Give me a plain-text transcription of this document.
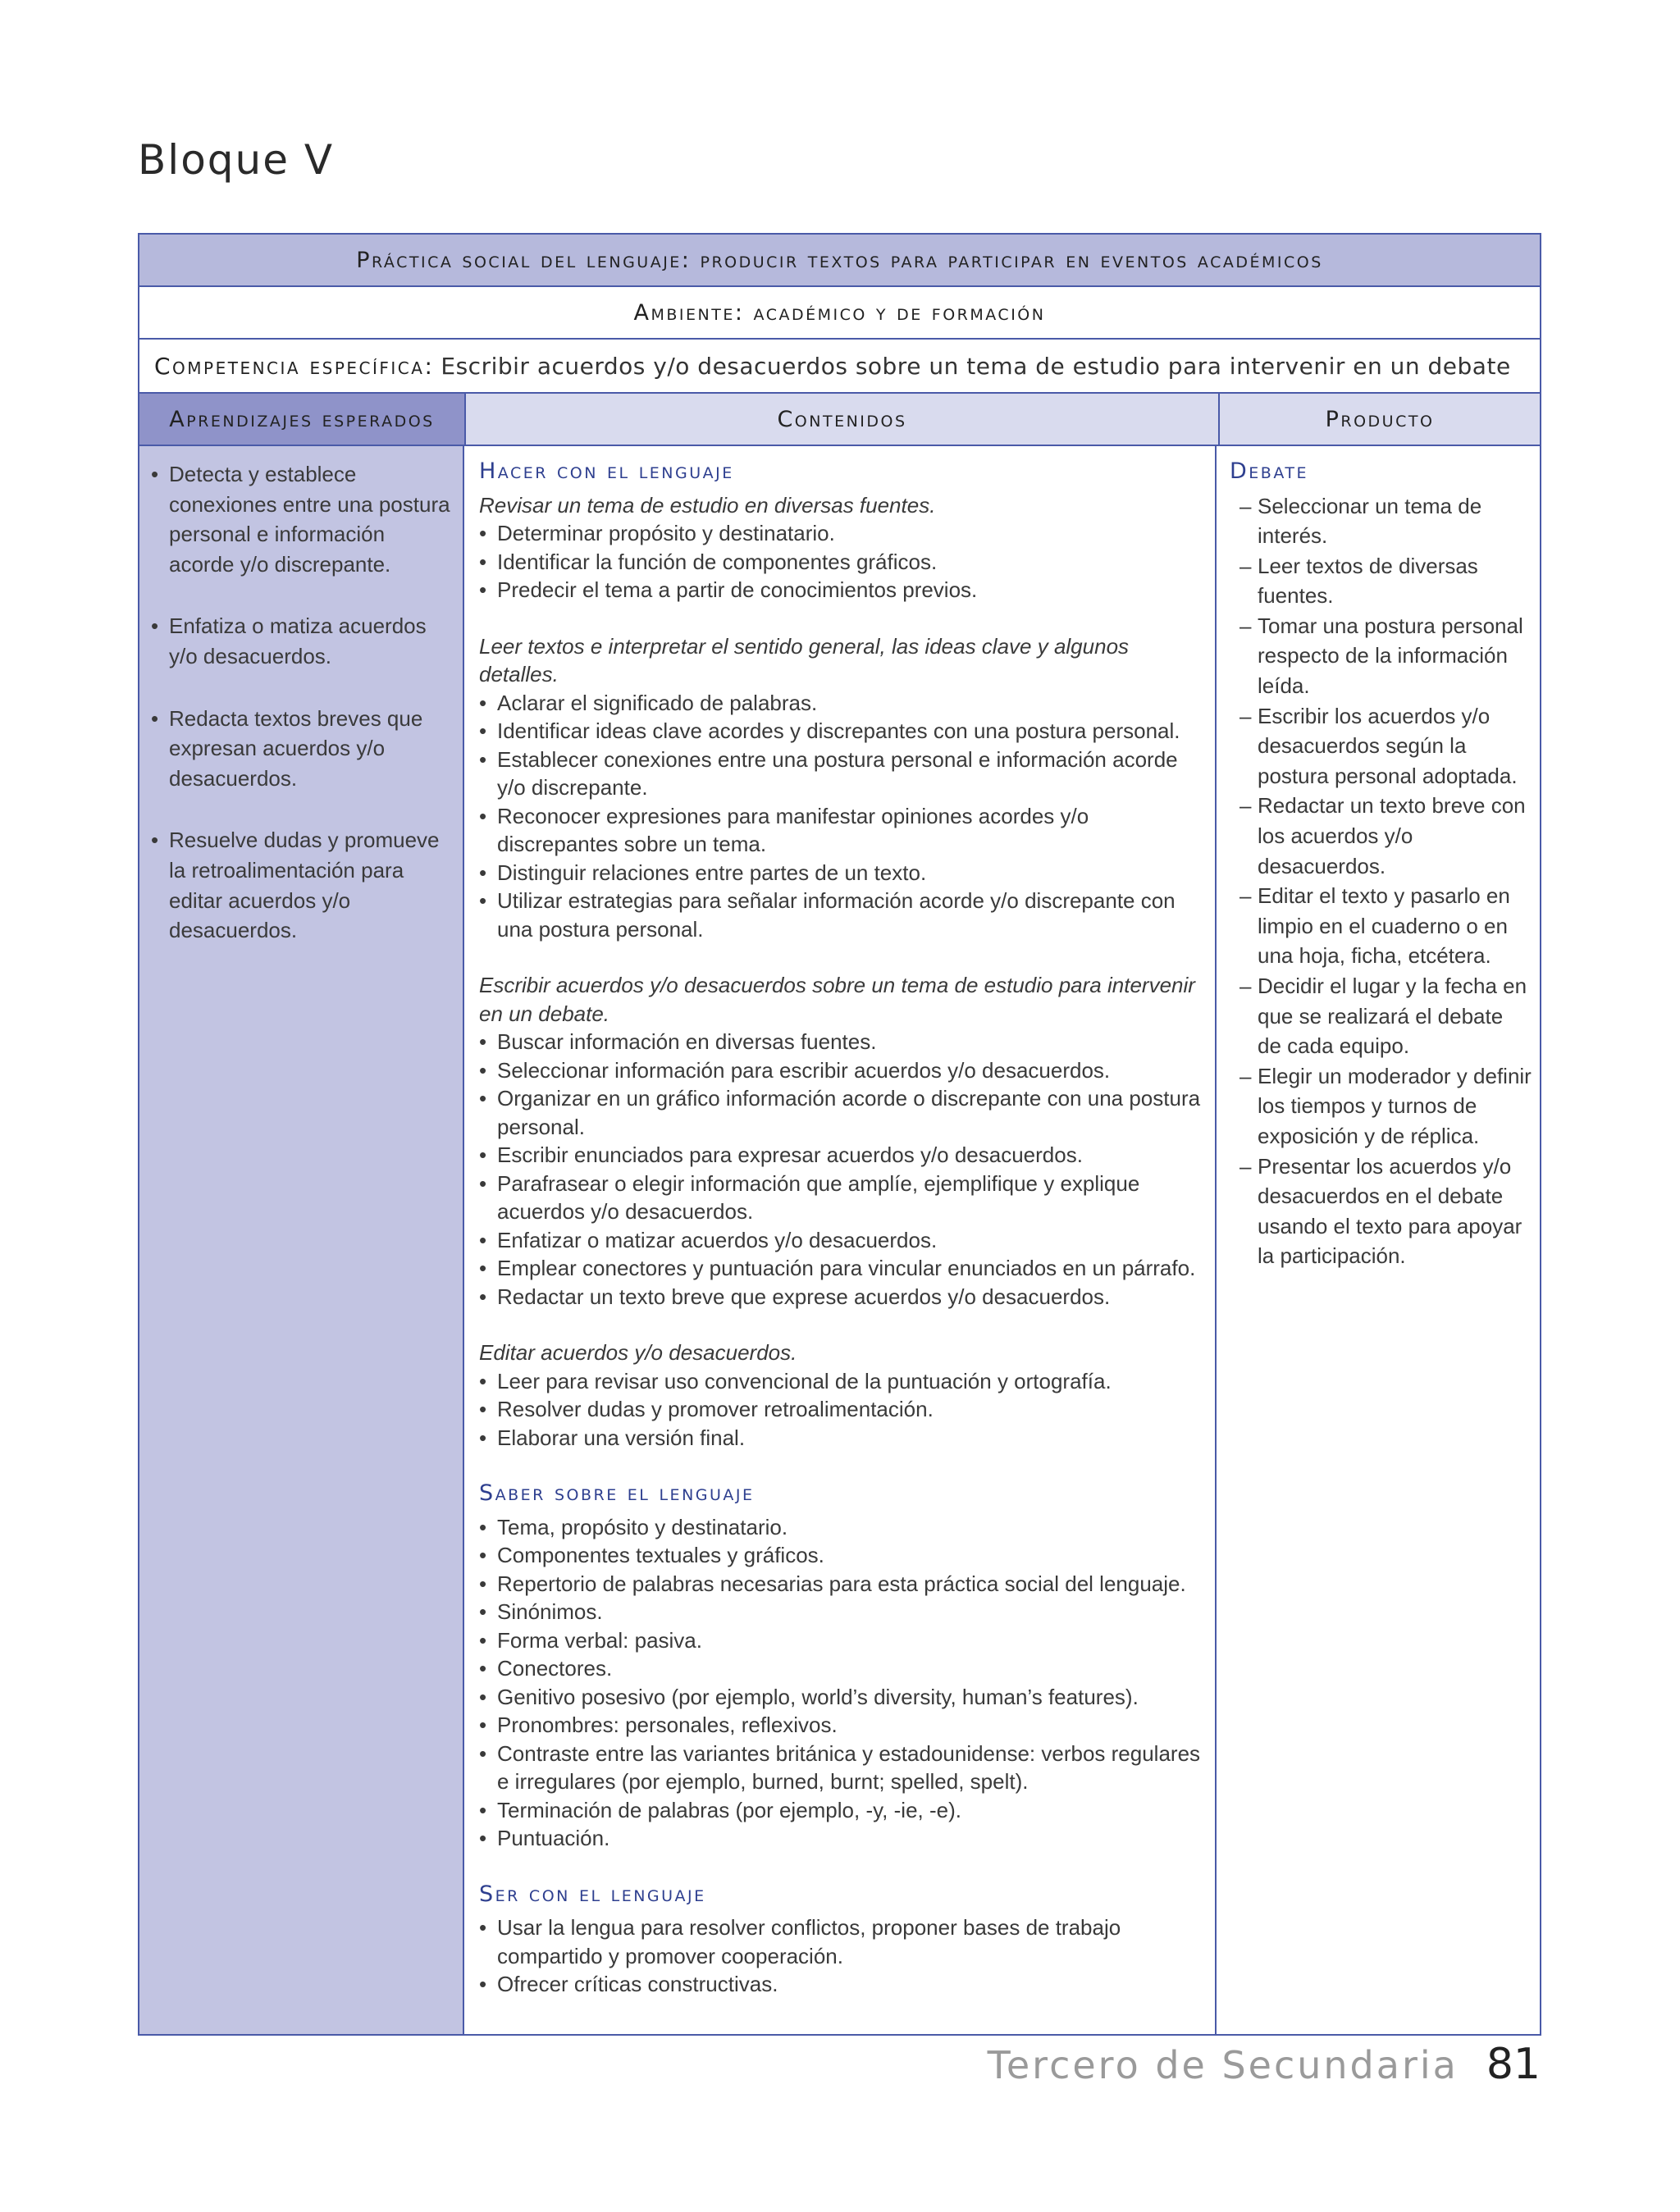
Bloque V
Práctica social del lenguaje: producir textos para participar en eventos académicos
Ambiente: académico y de formación
Competencia específica: Escribir acuerdos y/o desacuerdos sobre un tema de estudio para intervenir en un debate
Aprendizajes esperados	Contenidos	Producto
• Detecta y establece conexiones entre una postura personal e información acorde y/o discrepante.
• Enfatiza o matiza acuerdos y/o desacuerdos.
• Redacta textos breves que expresan acuerdos y/o desacuerdos.
• Resuelve dudas y promueve la retroalimentación para editar acuerdos y/o desacuerdos.
Hacer con el lenguaje
Revisar un tema de estudio en diversas fuentes.
• Determinar propósito y destinatario.
• Identificar la función de componentes gráficos.
• Predecir el tema a partir de conocimientos previos.
Leer textos e interpretar el sentido general, las ideas clave y algunos detalles.
• Aclarar el significado de palabras.
• Identificar ideas clave acordes y discrepantes con una postura personal.
• Establecer conexiones entre una postura personal e información acorde y/o discrepante.
• Reconocer expresiones para manifestar opiniones acordes y/o discrepantes sobre un tema.
• Distinguir relaciones entre partes de un texto.
• Utilizar estrategias para señalar información acorde y/o discrepante con una postura personal.
Escribir acuerdos y/o desacuerdos sobre un tema de estudio para intervenir en un debate.
• Buscar información en diversas fuentes.
• Seleccionar información para escribir acuerdos y/o desacuerdos.
• Organizar en un gráfico información acorde o discrepante con una postura personal.
• Escribir enunciados para expresar acuerdos y/o desacuerdos.
• Parafrasear o elegir información que amplíe, ejemplifique y explique acuerdos y/o desacuerdos.
• Enfatizar o matizar acuerdos y/o desacuerdos.
• Emplear conectores y puntuación para vincular enunciados en un párrafo.
• Redactar un texto breve que exprese acuerdos y/o desacuerdos.
Editar acuerdos y/o desacuerdos.
• Leer para revisar uso convencional de la puntuación y ortografía.
• Resolver dudas y promover retroalimentación.
• Elaborar una versión final.
Saber sobre el lenguaje
• Tema, propósito y destinatario.
• Componentes textuales y gráficos.
• Repertorio de palabras necesarias para esta práctica social del lenguaje.
• Sinónimos.
• Forma verbal: pasiva.
• Conectores.
• Genitivo posesivo (por ejemplo, world’s diversity, human’s features).
• Pronombres: personales, reflexivos.
• Contraste entre las variantes británica y estadounidense: verbos regulares e irregulares (por ejemplo, burned, burnt; spelled, spelt).
• Terminación de palabras (por ejemplo, -y, -ie, -e).
• Puntuación.
Ser con el lenguaje
• Usar la lengua para resolver conflictos, proponer bases de trabajo compartido y promover cooperación.
• Ofrecer críticas constructivas.
Debate
– Seleccionar un tema de interés.
– Leer textos de diversas fuentes.
– Tomar una postura personal respecto de la información leída.
– Escribir los acuerdos y/o desacuerdos según la postura personal adoptada.
– Redactar un texto breve con los acuerdos y/o desacuerdos.
– Editar el texto y pasarlo en limpio en el cuaderno o en una hoja, ficha, etcétera.
– Decidir el lugar y la fecha en que se realizará el debate de cada equipo.
– Elegir un moderador y definir los tiempos y turnos de exposición y de réplica.
– Presentar los acuerdos y/o desacuerdos en el debate usando el texto para apoyar la participación.
Tercero de Secundaria 81
